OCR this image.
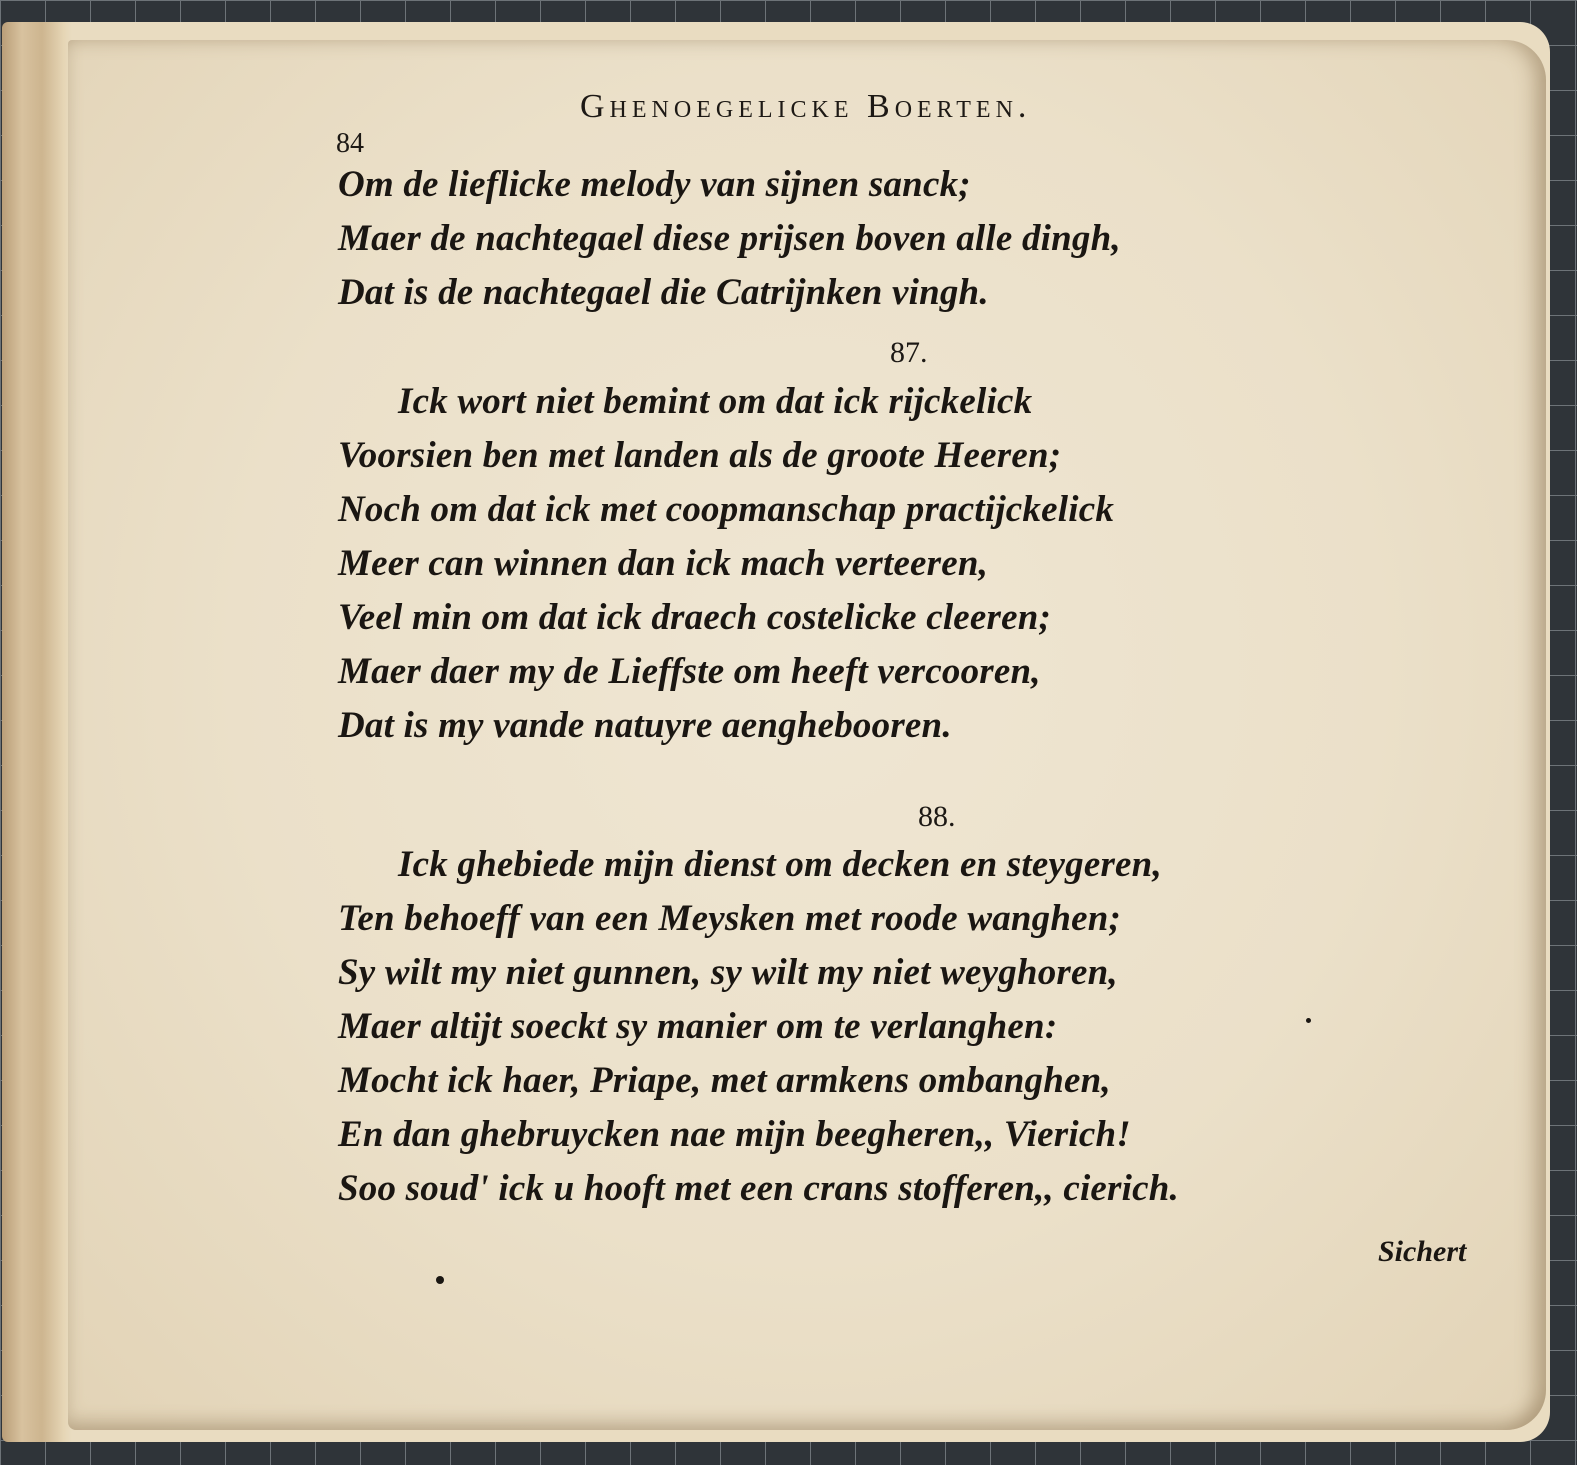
Ghenoegelicke Boerten.
84
Om de lieflicke melody van sijnen sanck;
Maer de nachtegael diese prijsen boven alle dingh,
Dat is de nachtegael die Catrijnken vingh.
87.
Ick wort niet bemint om dat ick rijckelick
Voorsien ben met landen als de groote Heeren;
Noch om dat ick met coopmanschap practijckelick
Meer can winnen dan ick mach verteeren,
Veel min om dat ick draech costelicke cleeren;
Maer daer my de Lieffste om heeft vercooren,
Dat is my vande natuyre aenghebooren.
88.
Ick ghebiede mijn dienst om decken en steygeren,
Ten behoeff van een Meysken met roode wanghen;
Sy wilt my niet gunnen, sy wilt my niet weyghoren,
Maer altijt soeckt sy manier om te verlanghen:
Mocht ick haer, Priape, met armkens ombanghen,
En dan ghebruycken nae mijn beegheren,, Vierich!
Soo soud' ick u hooft met een crans stofferen,, cierich.
Sichert
